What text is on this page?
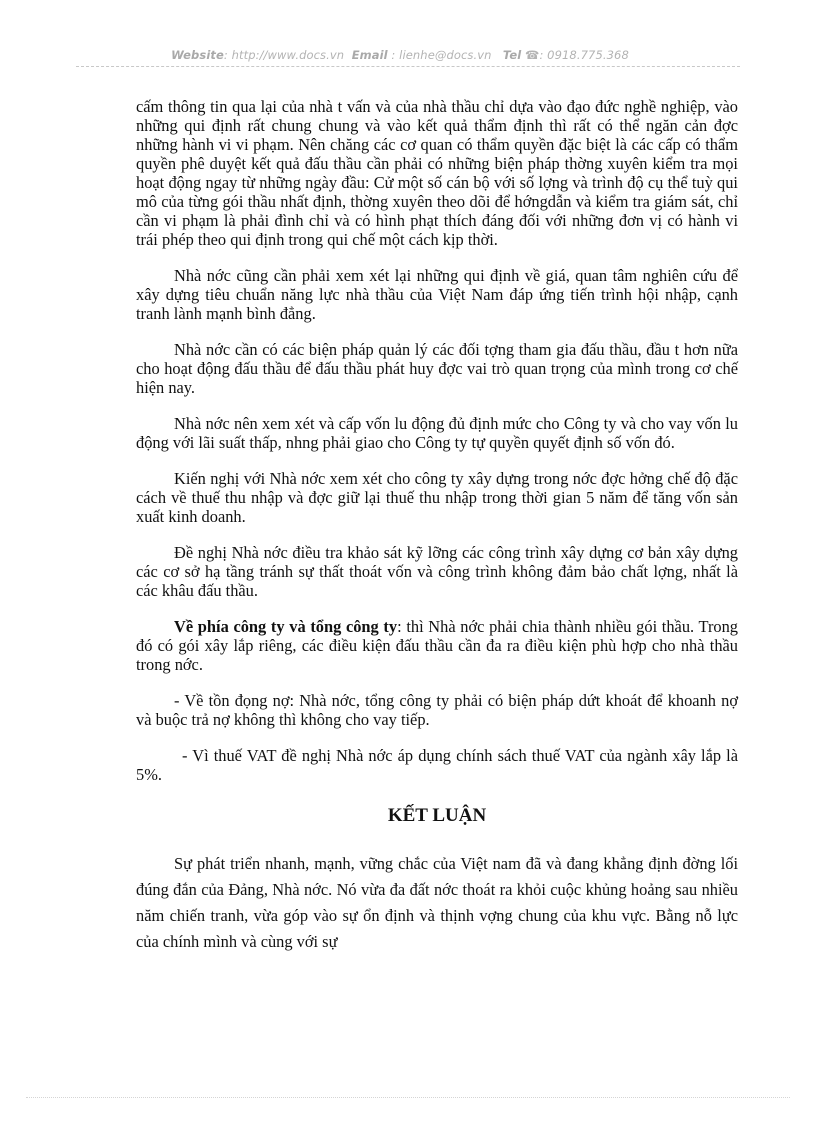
Website: http://www.docs.vn Email : lienhe@docs.vn Tel ☎: 0918.775.368

cấm thông tin qua lại của nhà t vấn và của nhà thầu chỉ dựa vào đạo đức nghề nghiệp, vào những qui định rất chung chung và vào kết quả thẩm định thì rất có thể ngăn cản đợc những hành vi vi phạm. Nên chăng các cơ quan có thẩm quyền đặc biệt là các cấp có thẩm quyền phê duyệt kết quả đấu thầu cần phải có những biện pháp thờng xuyên kiểm tra mọi hoạt động ngay từ những ngày đầu: Cử một số cán bộ với số lợng và trình độ cụ thể tuỳ qui mô của từng gói thầu nhất định, thờng xuyên theo dõi để hớngdẫn và kiểm tra giám sát, chỉ cần vi phạm là phải đình chỉ và có hình phạt thích đáng đối với những đơn vị có hành vi trái phép theo qui định trong qui chế một cách kịp thời.

Nhà nớc cũng cần phải xem xét lại những qui định về giá, quan tâm nghiên cứu để xây dựng tiêu chuẩn năng lực nhà thầu của Việt Nam đáp ứng tiến trình hội nhập, cạnh tranh lành mạnh bình đẳng.

Nhà nớc cần có các biện pháp quản lý các đối tợng tham gia đấu thầu, đầu t hơn nữa cho hoạt động đấu thầu để đấu thầu phát huy đợc vai trò quan trọng của mình trong cơ chế hiện nay.

Nhà nớc nên xem xét và cấp vốn lu động đủ định mức cho Công ty và cho vay vốn lu động với lãi suất thấp, nhng phải giao cho Công ty tự quyền quyết định số vốn đó.

Kiến nghị với Nhà nớc xem xét cho công ty xây dựng trong nớc đợc hởng chế độ đặc cách về thuế thu nhập và đợc giữ lại thuế thu nhập trong thời gian 5 năm để tăng vốn sản xuất kinh doanh.

Đề nghị Nhà nớc điều tra khảo sát kỹ lỡng các công trình xây dựng cơ bản xây dựng các cơ sở hạ tầng tránh sự thất thoát vốn và công trình không đảm bảo chất lợng, nhất là các khâu đấu thầu.

Về phía công ty và tổng công ty: thì Nhà nớc phải chia thành nhiều gói thầu. Trong đó có gói xây lắp riêng, các điều kiện đấu thầu cần đa ra điều kiện phù hợp cho nhà thầu trong nớc.

- Về tồn đọng nợ: Nhà nớc, tổng công ty phải có biện pháp dứt khoát để khoanh nợ và buộc trả nợ không thì không cho vay tiếp.

- Vì thuế VAT đề nghị Nhà nớc áp dụng chính sách thuế VAT của ngành xây lắp là 5%.

KẾT LUẬN

Sự phát triển nhanh, mạnh, vững chắc của Việt nam đã và đang khẳng định đờng lối đúng đắn của Đảng, Nhà nớc. Nó vừa đa đất nớc thoát ra khỏi cuộc khủng hoảng sau nhiều năm chiến tranh, vừa góp vào sự ổn định và thịnh vợng chung của khu vực. Bằng nỗ lực của chính mình và cùng với sự
